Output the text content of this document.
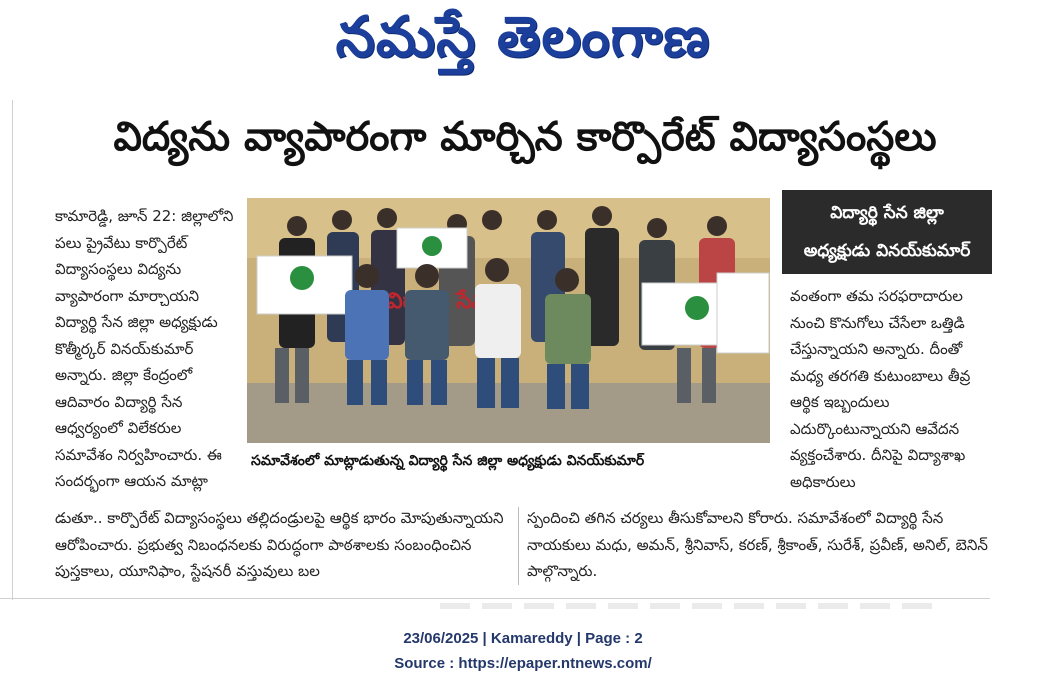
నమస్తే తెలంగాణ
విద్యను వ్యాపారంగా మార్చిన కార్పొరేట్ విద్యాసంస్థలు
కామారెడ్డి, జూన్ 22: జిల్లాలోని పలు ప్రైవేటు కార్పొరేట్ విద్యాసంస్థలు విద్యను వ్యాపారంగా మార్చాయని విద్యార్థి సేన జిల్లా అధ్యక్షుడు కొత్మీర్కర్ వినయ్‌కుమార్ అన్నారు. జిల్లా కేంద్రంలో ఆదివారం విద్యార్థి సేన ఆధ్వర్యంలో విలేకరుల సమావేశం నిర్వహించారు. ఈ సందర్భంగా ఆయన మాట్లా
విద్యార్థి సేన జిల్లా
అధ్యక్షుడు వినయ్‌కుమార్
సేన
సమావేశంలో మాట్లాడుతున్న విద్యార్థి సేన జిల్లా అధ్యక్షుడు వినయ్‌కుమార్
వంతంగా తమ సరఫరాదారుల నుంచి కొనుగోలు చేసేలా ఒత్తిడి చేస్తున్నాయని అన్నారు. దీంతో మధ్య తరగతి కుటుంబాలు తీవ్ర ఆర్థిక ఇబ్బందులు ఎదుర్కొంటున్నాయని ఆవేదన వ్యక్తంచేశారు. దీనిపై విద్యాశాఖ అధికారులు
డుతూ.. కార్పొరేట్ విద్యాసంస్థలు తల్లిదండ్రులపై ఆర్థిక భారం మోపుతున్నాయని ఆరోపించారు. ప్రభుత్వ నిబంధనలకు విరుద్ధంగా పాఠశాలకు సంబంధించిన పుస్తకాలు, యూనిఫాం, స్టేషనరీ వస్తువులు బల
స్పందించి తగిన చర్యలు తీసుకోవాలని కోరారు. సమావేశంలో విద్యార్థి సేన నాయకులు మధు, అమన్, శ్రీనివాస్, కరణ్, శ్రీకాంత్, సురేశ్, ప్రవీణ్, అనిల్, బెనిన్ పాల్గొన్నారు.
23/06/2025 | Kamareddy | Page : 2
Source : https://epaper.ntnews.com/
